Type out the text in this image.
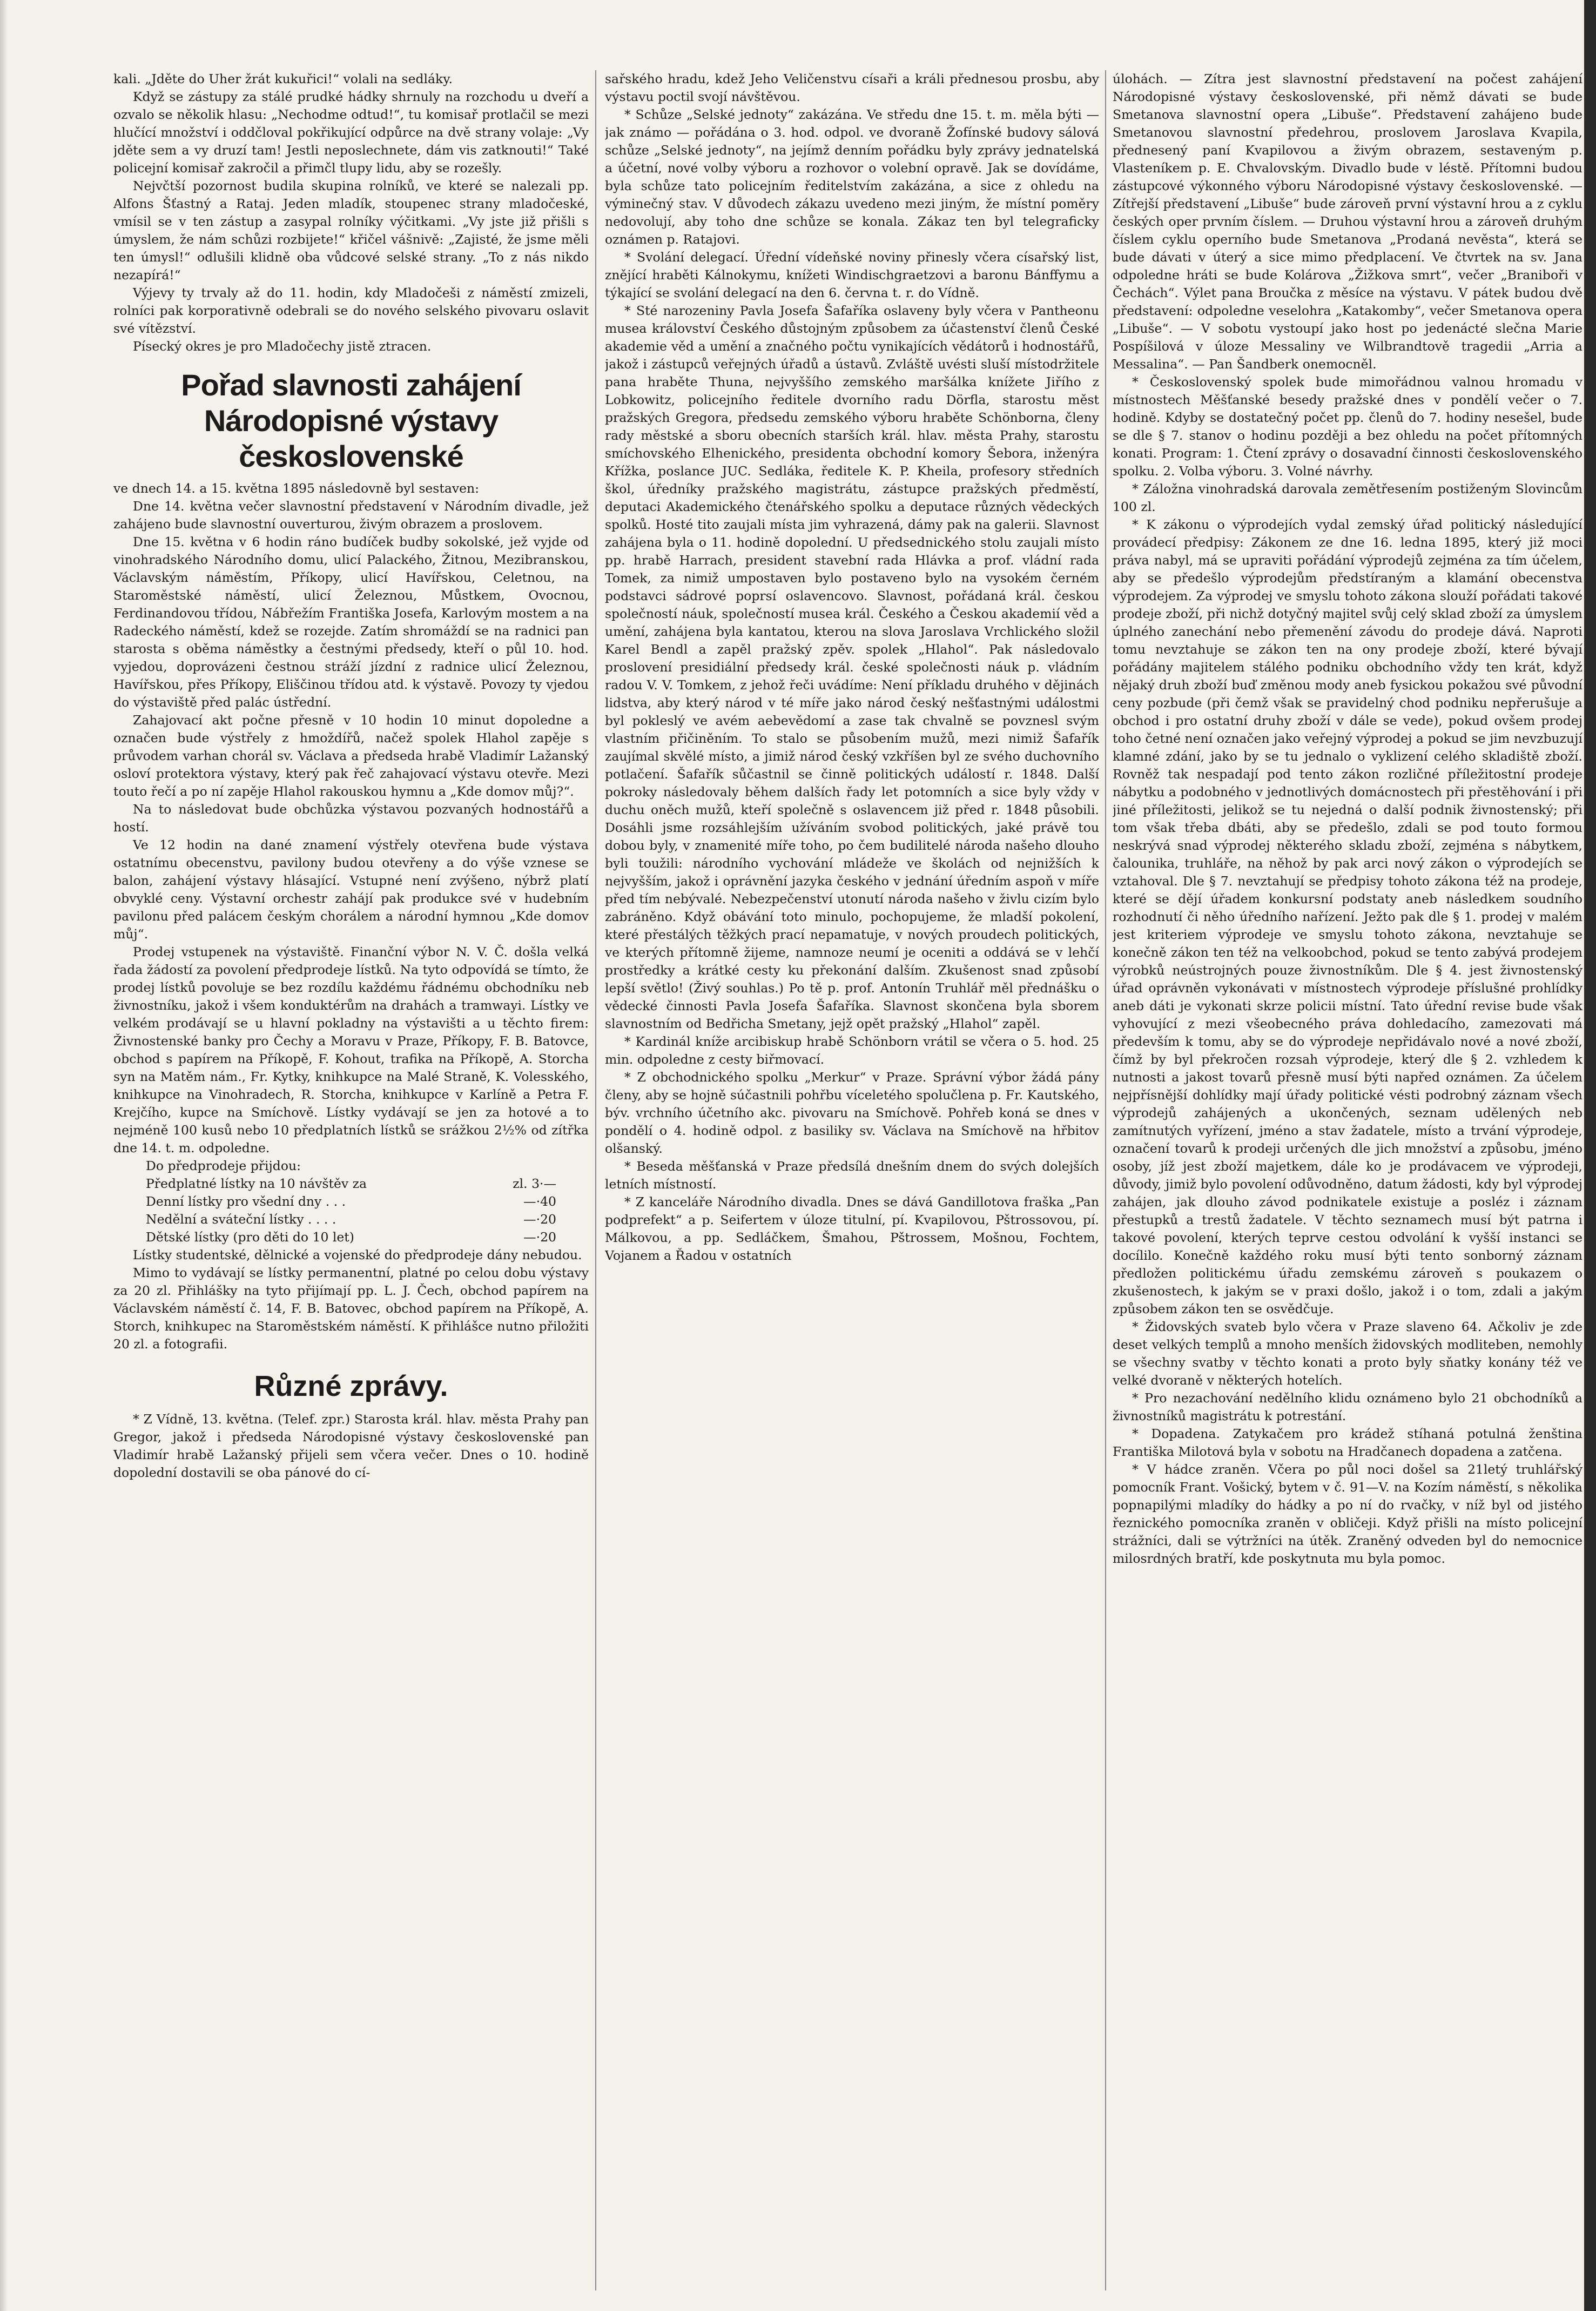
kali. „Jděte do Uher žrát kukuřici!“ volali na sedláky.

Když se zástupy za stálé prudké hádky shrnuly na rozchodu u dveří a ozvalo se několik hlasu: „Nechodme odtud!“, tu komisař protlačil se mezi hlučící množství i oddčloval pokřikující odpůrce na dvě strany volaje: „Vy jděte sem a vy druzí tam! Jestli neposlechnete, dám vis zatknouti!“ Také policejní komisař zakročil a přimčl tlupy lidu, aby se rozešly.

Nejvčtší pozornost budila skupina rolníků, ve které se nalezali pp. Alfons Šťastný a Rataj. Jeden mladík, stoupenec strany mladočeské, vmísil se v ten zástup a zasypal rolníky výčitkami. „Vy jste již přišli s úmyslem, že nám schůzi rozbijete!“ křičel vášnivě: „Zajisté, že jsme měli ten úmysl!“ odlušili klidně oba vůdcové selské strany. „To z nás nikdo nezapírá!“

Výjevy ty trvaly až do 11. hodin, kdy Mladočeši z náměstí zmizeli, rolníci pak korporativně odebrali se do nového selského pivovaru oslavit své vítězství.

Písecký okres je pro Mladočechy jistě ztracen.

Pořad slavnosti zahájení Národopisné výstavy československé

ve dnech 14. a 15. května 1895 následovně byl sestaven:

Dne 14. května večer slavnostní představení v Národním divadle, jež zahájeno bude slavnostní ouverturou, živým obrazem a proslovem.

Dne 15. května v 6 hodin ráno budíček budby sokolské, jež vyjde od vinohradského Národního domu, ulicí Palackého, Žitnou, Mezibranskou, Václavským náměstím, Příkopy, ulicí Havířskou, Celetnou, na Staroměstské náměstí, ulicí Železnou, Můstkem, Ovocnou, Ferdinandovou třídou, Nábřežím Františka Josefa, Karlovým mostem a na Radeckého náměstí, kdež se rozejde. Zatím shromáždí se na radnici pan starosta s oběma náměstky a čestnými předsedy, kteří o půl 10. hod. vyjedou, doprovázeni čestnou stráží jízdní z radnice ulicí Železnou, Havířskou, přes Příkopy, Eliščinou třídou atd. k výstavě. Povozy ty vjedou do výstaviště před palác ústřední.

Zahajovací akt počne přesně v 10 hodin 10 minut dopoledne a označen bude výstřely z hmoždířů, načež spolek Hlahol zapěje s průvodem varhan chorál sv. Václava a předseda hrabě Vladimír Lažanský osloví protektora výstavy, který pak řeč zahajovací výstavu otevře. Mezi touto řečí a po ní zapěje Hlahol rakouskou hymnu a „Kde domov můj?“.

Na to následovat bude obchůzka výstavou pozvaných hodnostářů a hostí.

Ve 12 hodin na dané znamení výstřely otevřena bude výstava ostatnímu obecenstvu, pavilony budou otevřeny a do výše vznese se balon, zahájení výstavy hlásající. Vstupné není zvýšeno, nýbrž platí obvyklé ceny. Výstavní orchestr zahájí pak produkce své v hudebním pavilonu před palácem českým chorálem a národní hymnou „Kde domov můj“.

Prodej vstupenek na výstaviště. Finanční výbor N. V. Č. došla velká řada žádostí za povolení předprodeje lístků. Na tyto odpovídá se tímto, že prodej lístků povoluje se bez rozdílu každému řádnému obchodníku neb živnostníku, jakož i všem konduktérům na drahách a tramwayi. Lístky ve velkém prodávají se u hlavní pokladny na výstavišti a u těchto firem: Živnostenské banky pro Čechy a Moravu v Praze, Příkopy, F. B. Batovce, obchod s papírem na Příkopě, F. Kohout, trafika na Příkopě, A. Storcha syn na Matěm nám., Fr. Kytky, knihkupce na Malé Straně, K. Volesského, knihkupce na Vinohradech, R. Storcha, knihkupce v Karlíně a Petra F. Krejčího, kupce na Smíchově. Lístky vydávají se jen za hotové a to nejméně 100 kusů nebo 10 předplatních lístků se srážkou 2½% od zítřka dne 14. t. m. odpoledne.

Do předprodeje přijdou:
Předplatné lístky na 10 návštěv za	zl. 3·—
Denní lístky pro všední dny . . .	—·40
Nedělní a sváteční lístky . . . .	—·20
Dětské lístky (pro děti do 10 let)	—·20

Lístky studentské, dělnické a vojenské do předprodeje dány nebudou.

Mimo to vydávají se lístky permanentní, platné po celou dobu výstavy za 20 zl. Přihlášky na tyto přijímají pp. L. J. Čech, obchod papírem na Václavském náměstí č. 14, F. B. Batovec, obchod papírem na Příkopě, A. Storch, knihkupec na Staroměstském náměstí. K přihlášce nutno přiložiti 20 zl. a fotografii.

Různé zprávy.

* Z Vídně, 13. května. (Telef. zpr.) Starosta král. hlav. města Prahy pan Gregor, jakož i předseda Národopisné výstavy československé pan Vladimír hrabě Lažanský přijeli sem včera večer. Dnes o 10. hodině dopolední dostavili se oba pánové do cí-

sařského hradu, kdež Jeho Veličenstvu císaři a králi přednesou prosbu, aby výstavu poctil svojí návštěvou.

* Schůze „Selské jednoty“ zakázána. Ve středu dne 15. t. m. měla býti — jak známo — pořádána o 3. hod. odpol. ve dvoraně Žofínské budovy sálová schůze „Selské jednoty“, na jejímž denním pořádku byly zprávy jednatelská a účetní, nové volby výboru a rozhovor o volební opravě. Jak se dovídáme, byla schůze tato policejním ředitelstvím zakázána, a sice z ohledu na výminečný stav. V důvodech zákazu uvedeno mezi jiným, že místní poměry nedovolují, aby toho dne schůze se konala. Zákaz ten byl telegraficky oznámen p. Ratajovi.

* Svolání delegací. Úřední vídeňské noviny přinesly včera císařský list, znějící hraběti Kálnokymu, knížeti Windischgraetzovi a baronu Bánffymu a týkající se svolání delegací na den 6. června t. r. do Vídně.

* Sté narozeniny Pavla Josefa Šafaříka oslaveny byly včera v Pantheonu musea království Českého důstojným způsobem za účastenství členů České akademie věd a umění a značného počtu vynikajících vědátorů i hodnostářů, jakož i zástupců veřejných úřadů a ústavů. Zvláště uvésti sluší místodržitele pana hraběte Thuna, nejvyššího zemského maršálka knížete Jiřího z Lobkowitz, policejního ředitele dvorního radu Dörfla, starostu měst pražských Gregora, předsedu zemského výboru hraběte Schönborna, členy rady městské a sboru obecních starších král. hlav. města Prahy, starostu smíchovského Elhenického, presidenta obchodní komory Šebora, inženýra Křížka, poslance JUC. Sedláka, ředitele K. P. Kheila, profesory středních škol, úředníky pražského magistrátu, zástupce pražských předměstí, deputaci Akademického čtenářského spolku a deputace různých vědeckých spolků. Hosté tito zaujali místa jim vyhrazená, dámy pak na galerii. Slavnost zahájena byla o 11. hodině dopolední. U předsednického stolu zaujali místo pp. hrabě Harrach, president stavební rada Hlávka a prof. vládní rada Tomek, za nimiž umpostaven bylo postaveno bylo na vysokém černém podstavci sádrové poprsí oslavencovo. Slavnost, pořádaná král. českou společností náuk, společností musea král. Českého a Českou akademií věd a umění, zahájena byla kantatou, kterou na slova Jaroslava Vrchlického složil Karel Bendl a zapěl pražský zpěv. spolek „Hlahol“. Pak následovalo proslovení presidiální předsedy král. české společnosti náuk p. vládním radou V. V. Tomkem, z jehož řeči uvádíme: Není příkladu druhého v dějinách lidstva, aby který národ v té míře jako národ český nešťastnými událostmi byl pokleslý ve avém aebevědomí a zase tak chvalně se povznesl svým vlastním přičiněním. To stalo se působením mužů, mezi nimiž Šafařík zaujímal skvělé místo, a jimiž národ český vzkříšen byl ze svého duchovního potlačení. Šafařík sůčastnil se činně politických událostí r. 1848. Další pokroky následovaly během dalších řady let potomních a sice byly vždy v duchu oněch mužů, kteří společně s oslavencem již před r. 1848 působili. Dosáhli jsme rozsáhlejším užíváním svobod politických, jaké právě tou dobou byly, v znamenité míře toho, po čem budilitelé národa našeho dlouho byli toužili: národního vychování mládeže ve školách od nejnižších k nejvyšším, jakož i oprávnění jazyka českého v jednání úředním aspoň v míře před tím nebývalé. Nebezpečenství utonutí národa našeho v živlu cizím bylo zabráněno. Když obávání toto minulo, pochopujeme, že mladší pokolení, které přestálých těžkých prací nepamatuje, v nových proudech politických, ve kterých přítomně žijeme, namnoze neumí je oceniti a oddává se v lehčí prostředky a krátké cesty ku překonání dalším. Zkušenost snad způsobí lepší světlo! (Živý souhlas.) Po tě p. prof. Antonín Truhlář měl přednášku o vědecké činnosti Pavla Josefa Šafaříka. Slavnost skončena byla sborem slavnostním od Bedřicha Smetany, jejž opět pražský „Hlahol“ zapěl.

* Kardinál kníže arcibiskup hrabě Schönborn vrátil se včera o 5. hod. 25 min. odpoledne z cesty biřmovací.

* Z obchodnického spolku „Merkur“ v Praze. Správní výbor žádá pány členy, aby se hojně súčastnili pohřbu víceletého spolučlena p. Fr. Kautského, býv. vrchního účetního akc. pivovaru na Smíchově. Pohřeb koná se dnes v pondělí o 4. hodině odpol. z basiliky sv. Václava na Smíchově na hřbitov olšanský.

* Beseda měšťanská v Praze předsílá dnešním dnem do svých dolejších letních místností.

* Z kanceláře Národního divadla. Dnes se dává Gandillotova fraška „Pan podprefekt“ a p. Seifertem v úloze titulní, pí. Kvapilovou, Pštrossovou, pí. Málkovou, a pp. Sedláčkem, Šmahou, Pštrossem, Mošnou, Fochtem, Vojanem a Řadou v ostatních

úlohách. — Zítra jest slavnostní představení na počest zahájení Národopisné výstavy československé, při němž dávati se bude Smetanova slavnostní opera „Libuše“. Představení zahájeno bude Smetanovou slavnostní předehrou, proslovem Jaroslava Kvapila, přednesený paní Kvapilovou a živým obrazem, sestaveným p. Vlasteníkem p. E. Chvalovským. Divadlo bude v léstě. Přítomni budou zástupcové výkonného výboru Národopisné výstavy československé. — Zítřejší představení „Libuše“ bude zároveň první výstavní hrou a z cyklu českých oper prvním číslem. — Druhou výstavní hrou a zároveň druhým číslem cyklu operního bude Smetanova „Prodaná nevěsta“, která se bude dávati v úterý a sice mimo předplacení. Ve čtvrtek na sv. Jana odpoledne hráti se bude Kolárova „Žižkova smrt“, večer „Braniboři v Čechách“. Výlet pana Broučka z měsíce na výstavu. V pátek budou dvě představení: odpoledne veselohra „Katakomby“, večer Smetanova opera „Libuše“. — V sobotu vystoupí jako host po jedenácté slečna Marie Pospíšilová v úloze Messaliny ve Wilbrandtově tragedii „Arria a Messalina“. — Pan Šandberk onemocněl.

* Československý spolek bude mimořádnou valnou hromadu v místnostech Měšťanské besedy pražské dnes v pondělí večer o 7. hodině. Kdyby se dostatečný počet pp. členů do 7. hodiny nesešel, bude se dle § 7. stanov o hodinu později a bez ohledu na počet přítomných konati. Program: 1. Čtení zprávy o dosavadní činnosti československého spolku. 2. Volba výboru. 3. Volné návrhy.

* Záložna vinohradská darovala zemětřesením postiženým Slovincům 100 zl.

* K zákonu o výprodejích vydal zemský úřad politický následující provádecí předpisy: Zákonem ze dne 16. ledna 1895, který již moci práva nabyl, má se upraviti pořádání výprodejů zejména za tím účelem, aby se předešlo výprodejům předstíraným a klamání obecenstva výprodejem. Za výprodej ve smyslu tohoto zákona slouží pořádati takové prodeje zboží, při nichž dotyčný majitel svůj celý sklad zboží za úmyslem úplného zanechání nebo přemenění závodu do prodeje dává. Naproti tomu nevztahuje se zákon ten na ony prodeje zboží, které bývají pořádány majitelem stálého podniku obchodního vždy ten krát, když nějaký druh zboží buď změnou mody aneb fysickou pokažou své původní ceny pozbude (při čemž však se pravidelný chod podniku nepřerušuje a obchod i pro ostatní druhy zboží v dále se vede), pokud ovšem prodej toho četné není označen jako veřejný výprodej a pokud se jim nevzbuzují klamné zdání, jako by se tu jednalo o vyklizení celého skladiště zboží. Rovněž tak nespadají pod tento zákon rozličné příležitostní prodeje nábytku a podobného v jednotlivých domácnostech při přestěhování i při jiné příležitosti, jelikož se tu nejedná o další podnik živnostenský; při tom však třeba dbáti, aby se předešlo, zdali se pod touto formou neskrývá snad výprodej některého skladu zboží, zejména s nábytkem, čalounika, truhláře, na něhož by pak arci nový zákon o výprodejích se vztahoval. Dle § 7. nevztahují se předpisy tohoto zákona též na prodeje, které se dějí úřadem konkursní podstaty aneb následkem soudního rozhodnutí či něho úředního nařízení. Ježto pak dle § 1. prodej v malém jest kriteriem výprodeje ve smyslu tohoto zákona, nevztahuje se konečně zákon ten též na velkoobchod, pokud se tento zabývá prodejem výrobků neústrojných pouze živnostníkům. Dle § 4. jest živnostenský úřad oprávněn vykonávati v místnostech výprodeje příslušné prohlídky aneb dáti je vykonati skrze policii místní. Tato úřední revise bude však vyhovující z mezi všeobecného práva dohledacího, zamezovati má především k tomu, aby se do výprodeje nepřidávalo nové a nové zboží, čímž by byl překročen rozsah výprodeje, který dle § 2. vzhledem k nutnosti a jakost tovarů přesně musí býti napřed oznámen. Za účelem nejpřísnější dohlídky mají úřady politické vésti podrobný záznam všech výprodejů zahájených a ukončených, seznam udělených neb zamítnutých vyřízení, jméno a stav žadatele, místo a trvání výprodeje, označení tovarů k prodeji určených dle jich množství a způsobu, jméno osoby, jíž jest zboží majetkem, dále ko je prodávacem ve výprodeji, důvody, jimiž bylo povolení odůvodněno, datum žádosti, kdy byl výprodej zahájen, jak dlouho závod podnikatele existuje a posléz i záznam přestupků a trestů žadatele. V těchto seznamech musí být patrna i takové povolení, kterých teprve cestou odvolání k vyšší instanci se docílilo. Konečně každého roku musí býti tento sonborný záznam předložen politickému úřadu zemskému zároveň s poukazem o zkušenostech, k jakým se v praxi došlo, jakož i o tom, zdali a jakým způsobem zákon ten se osvědčuje.

* Židovských svateb bylo včera v Praze slaveno 64. Ačkoliv je zde deset velkých templů a mnoho menších židovských modliteben, nemohly se všechny svatby v těchto konati a proto byly sňatky konány též ve velké dvoraně v některých hotelích.

* Pro nezachování nedělního klidu oznámeno bylo 21 obchodníků a živnostníků magistrátu k potrestání.

* Dopadena. Zatykačem pro krádež stíhaná potulná ženština Františka Milotová byla v sobotu na Hradčanech dopadena a zatčena.

* V hádce zraněn. Včera po půl noci došel sa 21letý truhlářský pomocník Frant. Vošický, bytem v č. 91—V. na Kozím náměstí, s několika popnapilými mladíky do hádky a po ní do rvačky, v níž byl od jistého řeznického pomocníka zraněn v obličeji. Když přišli na místo policejní strážníci, dali se výtržníci na útěk. Zraněný odveden byl do nemocnice milosrdných bratří, kde poskytnuta mu byla pomoc.
